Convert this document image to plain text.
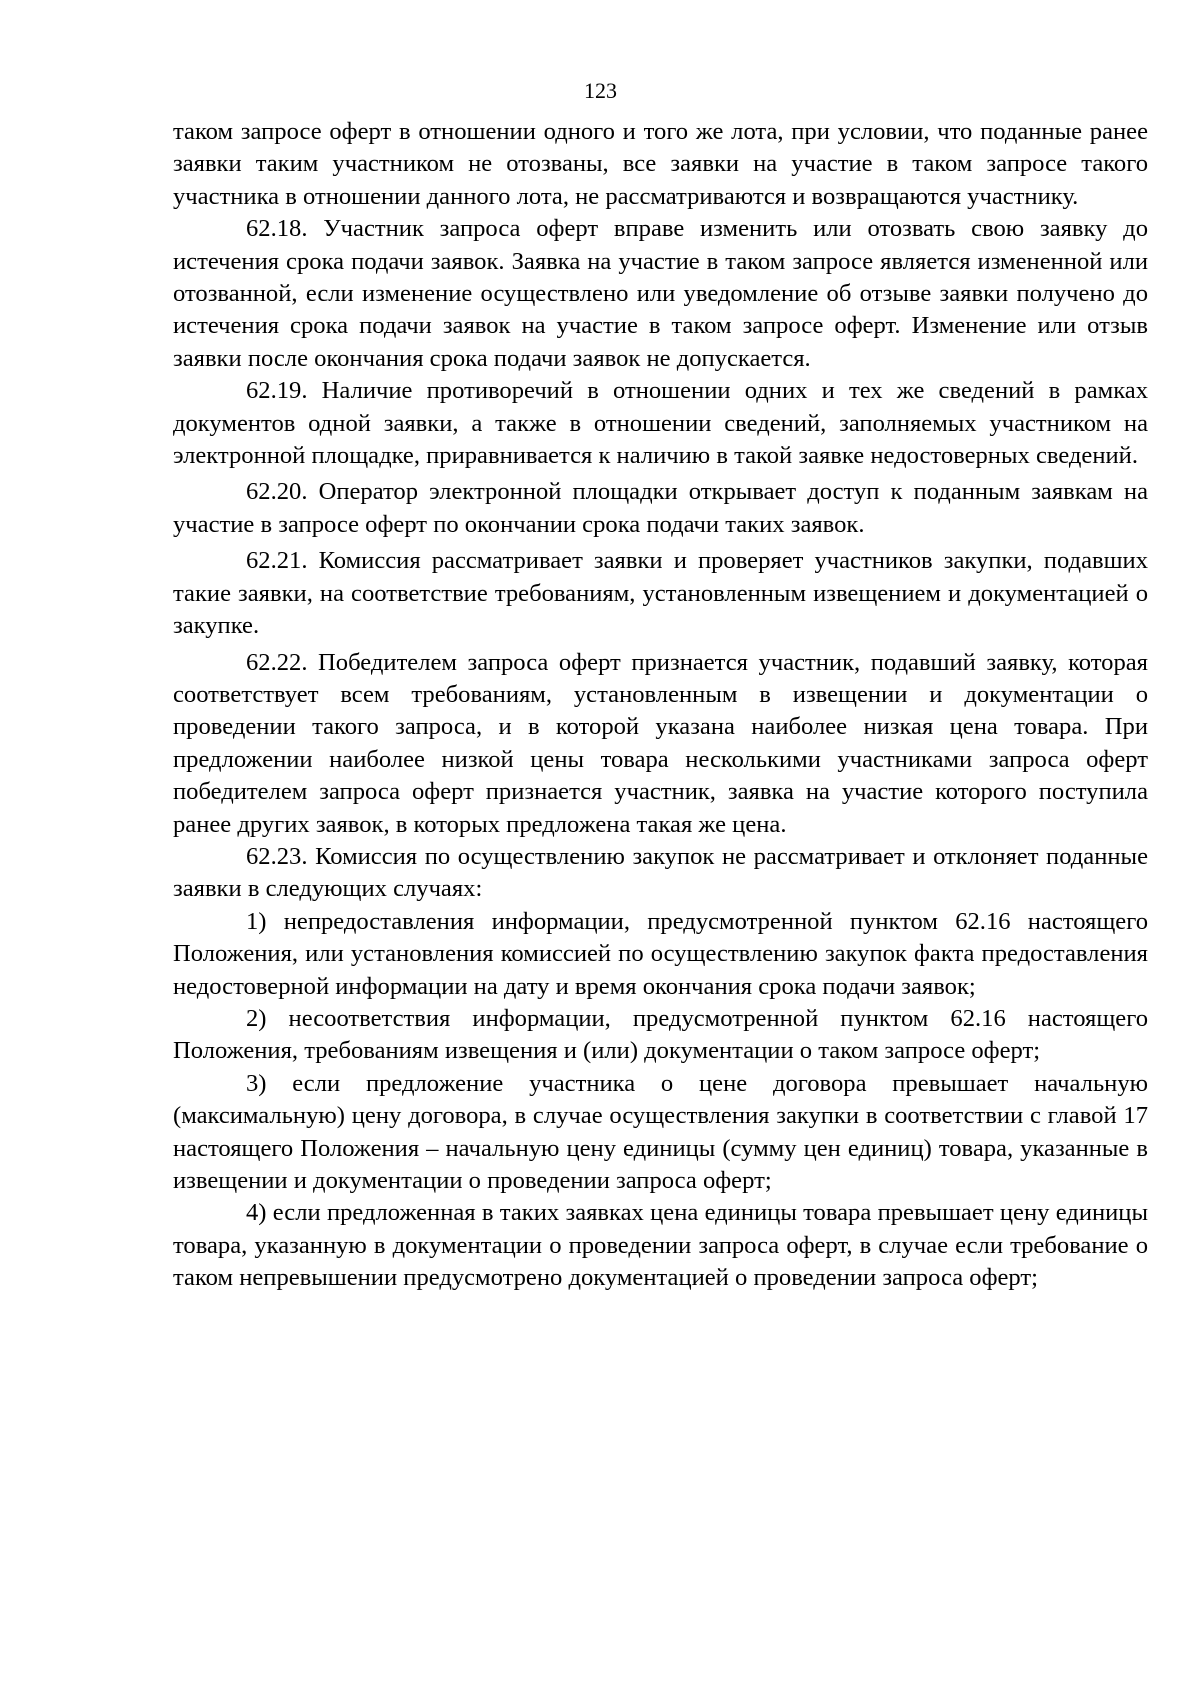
123

таком запросе оферт в отношении одного и того же лота, при условии, что поданные ранее заявки таким участником не отозваны, все заявки на участие в таком запросе такого участника в отношении данного лота, не рассматриваются и возвращаются участнику.

62.18. Участник запроса оферт вправе изменить или отозвать свою заявку до истечения срока подачи заявок. Заявка на участие в таком запросе является измененной или отозванной, если изменение осуществлено или уведомление об отзыве заявки получено до истечения срока подачи заявок на участие в таком запросе оферт. Изменение или отзыв заявки после окончания срока подачи заявок не допускается.

62.19. Наличие противоречий в отношении одних и тех же сведений в рамках документов одной заявки, а также в отношении сведений, заполняемых участником на электронной площадке, приравнивается к наличию в такой заявке недостоверных сведений.

62.20. Оператор электронной площадки открывает доступ к поданным заявкам на участие в запросе оферт по окончании срока подачи таких заявок.

62.21. Комиссия рассматривает заявки и проверяет участников закупки, подавших такие заявки, на соответствие требованиям, установленным извещением и документацией о закупке.

62.22. Победителем запроса оферт признается участник, подавший заявку, которая соответствует всем требованиям, установленным в извещении и документации о проведении такого запроса, и в которой указана наиболее низкая цена товара. При предложении наиболее низкой цены товара несколькими участниками запроса оферт победителем запроса оферт признается участник, заявка на участие которого поступила ранее других заявок, в которых предложена такая же цена.

62.23. Комиссия по осуществлению закупок не рассматривает и отклоняет поданные заявки в следующих случаях:

1) непредоставления информации, предусмотренной пунктом 62.16 настоящего Положения, или установления комиссией по осуществлению закупок факта предоставления недостоверной информации на дату и время окончания срока подачи заявок;

2) несоответствия информации, предусмотренной пунктом 62.16 настоящего Положения, требованиям извещения и (или) документации о таком запросе оферт;

3) если предложение участника о цене договора превышает начальную (максимальную) цену договора, в случае осуществления закупки в соответствии с главой 17 настоящего Положения – начальную цену единицы (сумму цен единиц) товара, указанные в извещении и документации о проведении запроса оферт;

4) если предложенная в таких заявках цена единицы товара превышает цену единицы товара, указанную в документации о проведении запроса оферт, в случае если требование о таком непревышении предусмотрено документацией о проведении запроса оферт;
